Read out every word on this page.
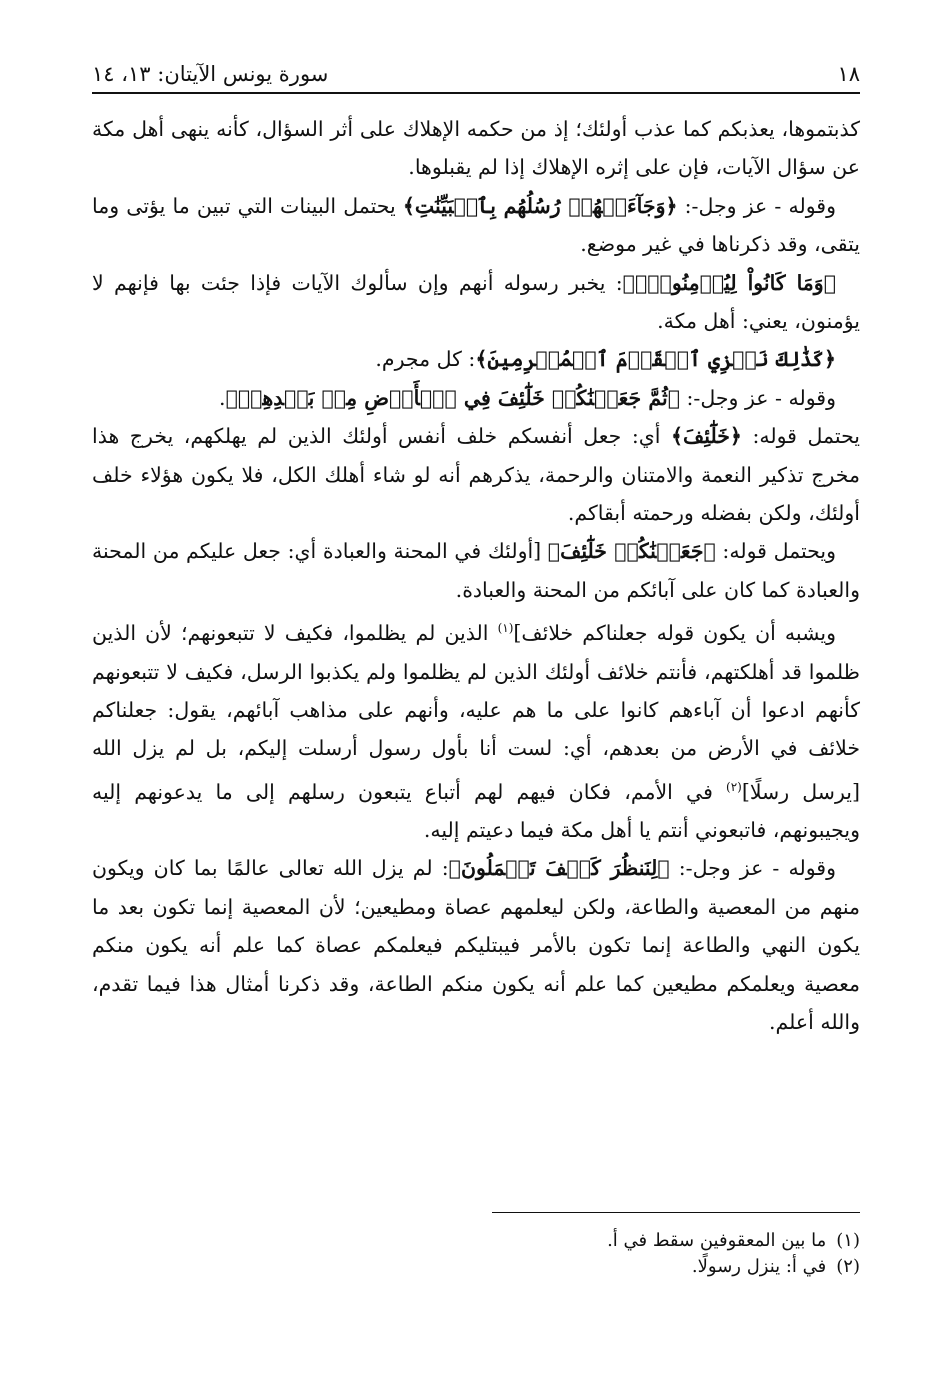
١٨
سورة يونس الآيتان: ١٣، ١٤

كذبتموها، يعذبكم كما عذب أولئك؛ إذ من حكمه الإهلاك على أثر السؤال، كأنه ينهى أهل مكة عن سؤال الآيات، فإن على إثره الإهلاك إذا لم يقبلوها.

وقوله - عز وجل-: ﴿وَجَآءَتۡهُمۡ رُسُلُهُم بِٱلۡبَيِّنَٰتِ﴾ يحتمل البينات التي تبين ما يؤتى وما يتقى، وقد ذكرناها في غير موضع.

﴿وَمَا كَانُواْ لِيُؤۡمِنُواْۚ﴾: يخبر رسوله أنهم وإن سألوك الآيات فإذا جئت بها فإنهم لا يؤمنون، يعني: أهل مكة.

﴿كَذَٰلِكَ نَجۡزِي ٱلۡقَوۡمَ ٱلۡمُجۡرِمِينَ﴾: كل مجرم.

وقوله - عز وجل-: ﴿ثُمَّ جَعَلۡنَٰكُمۡ خَلَٰٓئِفَ فِي ٱلۡأَرۡضِ مِنۢ بَعۡدِهِمۡ﴾.

يحتمل قوله: ﴿خَلَٰٓئِفَ﴾ أي: جعل أنفسكم خلف أنفس أولئك الذين لم يهلكهم، يخرج هذا مخرج تذكير النعمة والامتنان والرحمة، يذكرهم أنه لو شاء أهلك الكل، فلا يكون هؤلاء خلف أولئك، ولكن بفضله ورحمته أبقاكم.

ويحتمل قوله: ﴿جَعَلۡنَٰكُمۡ خَلَٰٓئِفَ﴾ [أولئك في المحنة والعبادة أي: جعل عليكم من المحنة والعبادة كما كان على آبائكم من المحنة والعبادة.

ويشبه أن يكون قوله جعلناكم خلائف]$^{(١)}$ الذين لم يظلموا، فكيف لا تتبعونهم؛ لأن الذين ظلموا قد أهلكتهم، فأنتم خلائف أولئك الذين لم يظلموا ولم يكذبوا الرسل، فكيف لا تتبعونهم كأنهم ادعوا أن آباءهم كانوا على ما هم عليه، وأنهم على مذاهب آبائهم، يقول: جعلناكم خلائف في الأرض من بعدهم، أي: لست أنا بأول رسول أرسلت إليكم، بل لم يزل الله [يرسل رسلًا]$^{(٢)}$ في الأمم، فكان فيهم لهم أتباع يتبعون رسلهم إلى ما يدعونهم إليه ويجيبونهم، فاتبعوني أنتم يا أهل مكة فيما دعيتم إليه.

وقوله - عز وجل-: ﴿لِنَنظُرَ كَيۡفَ تَعۡمَلُونَ﴾: لم يزل الله تعالى عالمًا بما كان ويكون منهم من المعصية والطاعة، ولكن ليعلمهم عصاة ومطيعين؛ لأن المعصية إنما تكون بعد ما يكون النهي والطاعة إنما تكون بالأمر فيبتليكم فيعلمكم عصاة كما علم أنه يكون منكم معصية ويعلمكم مطيعين كما علم أنه يكون منكم الطاعة، وقد ذكرنا أمثال هذا فيما تقدم، والله أعلم.

(١)ما بين المعقوفين سقط في أ.

(٢)في أ: ينزل رسولًا.
